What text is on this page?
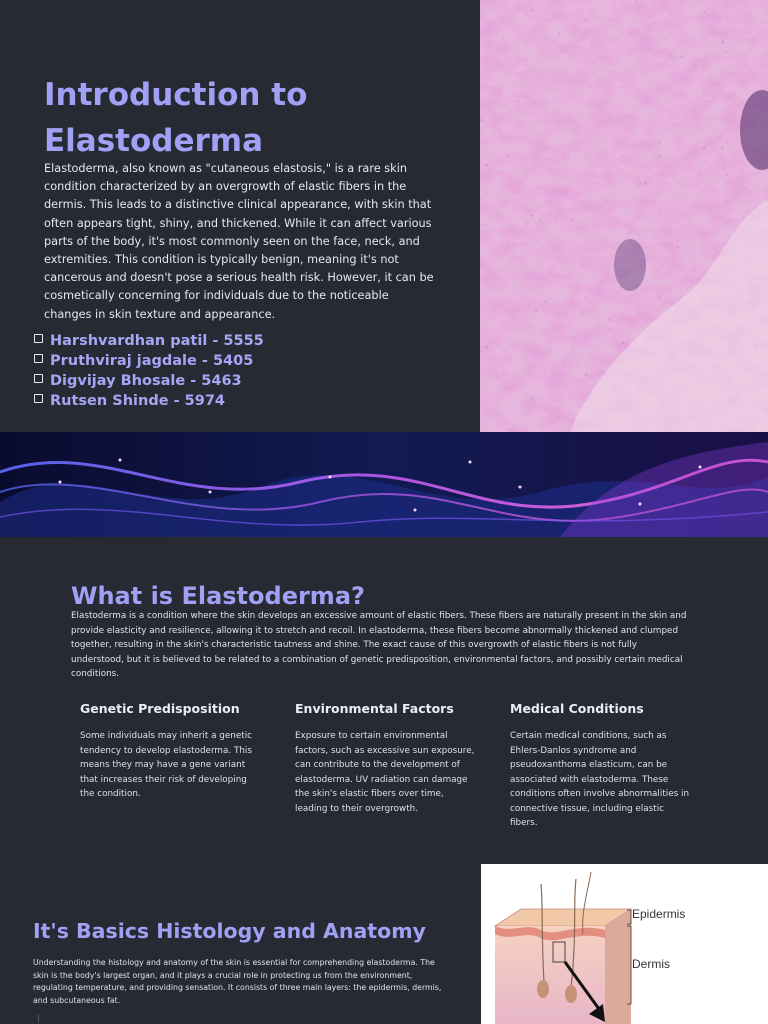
Introduction to Elastoderma

Elastoderma, also known as "cutaneous elastosis," is a rare skin condition characterized by an overgrowth of elastic fibers in the dermis. This leads to a distinctive clinical appearance, with skin that often appears tight, shiny, and thickened. While it can affect various parts of the body, it's most commonly seen on the face, neck, and extremities. This condition is typically benign, meaning it's not cancerous and doesn't pose a serious health risk. However, it can be cosmetically concerning for individuals due to the noticeable changes in skin texture and appearance.

Harshvardhan patil - 5555
Pruthviraj jagdale - 5405
Digvijay Bhosale - 5463
Rutsen Shinde - 5974
What is Elastoderma?

Elastoderma is a condition where the skin develops an excessive amount of elastic fibers. These fibers are naturally present in the skin and provide elasticity and resilience, allowing it to stretch and recoil. In elastoderma, these fibers become abnormally thickened and clumped together, resulting in the skin's characteristic tautness and shine. The exact cause of this overgrowth of elastic fibers is not fully understood, but it is believed to be related to a combination of genetic predisposition, environmental factors, and possibly certain medical conditions.

Genetic Predisposition

Some individuals may inherit a genetic tendency to develop elastoderma. This means they may have a gene variant that increases their risk of developing the condition.

Environmental Factors

Exposure to certain environmental factors, such as excessive sun exposure, can contribute to the development of elastoderma. UV radiation can damage the skin's elastic fibers over time, leading to their overgrowth.

Medical Conditions

Certain medical conditions, such as Ehlers-Danlos syndrome and pseudoxanthoma elasticum, can be associated with elastoderma. These conditions often involve abnormalities in connective tissue, including elastic fibers.

It's Basics Histology and Anatomy

Understanding the histology and anatomy of the skin is essential for comprehending elastoderma. The skin is the body's largest organ, and it plays a crucial role in protecting us from the environment, regulating temperature, and providing sensation. It consists of three main layers: the epidermis, dermis, and subcutaneous fat.

Epidermis
Dermis
